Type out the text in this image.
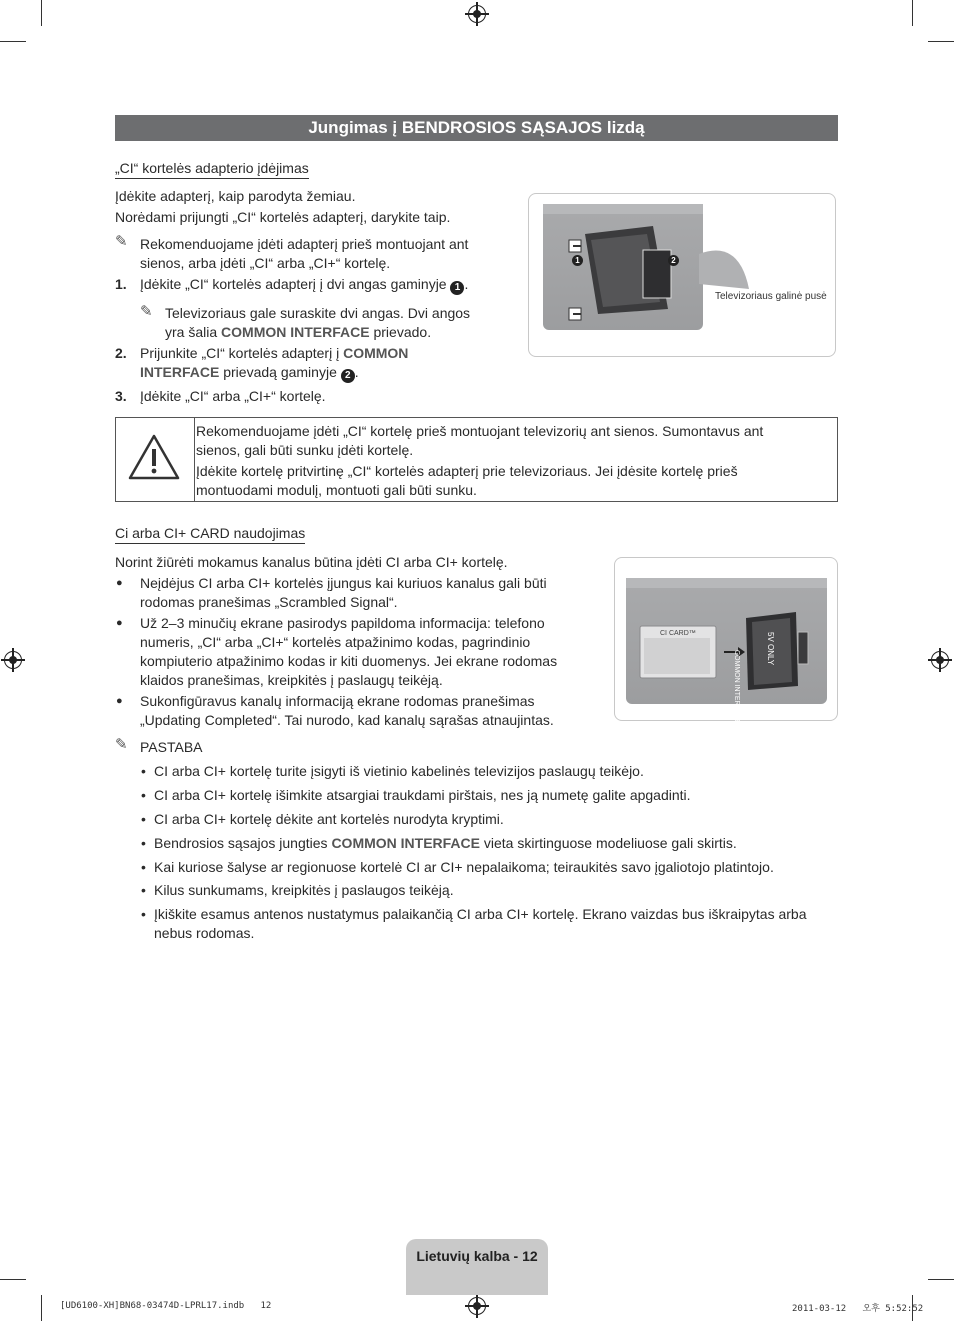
Jungimas į BENDROSIOS SĄSAJOS lizdą
„CI“ kortelės adapterio įdėjimas
Įdėkite adapterį, kaip parodyta žemiau.
Norėdami prijungti „CI“ kortelės adapterį, darykite taip.
✎ Rekomenduojame įdėti adapterį prieš montuojant ant
sienos, arba įdėti „CI“ arba „CI+“ kortelę.
1. Įdėkite „CI“ kortelės adapterį į dvi angas gaminyje 1 .
✎ Televizoriaus gale suraskite dvi angas. Dvi angos
yra šalia COMMON INTERFACE prievado.
2. Prijunkite „CI“ kortelės adapterį į COMMON
INTERFACE prievadą gaminyje 2 .
3. Įdėkite „CI“ arba „CI+“ kortelę.
1	2
Televizoriaus galinė pusė
Rekomenduojame įdėti „CI“ kortelę prieš montuojant televizorių ant sienos. Sumontavus ant
sienos, gali būti sunku įdėti kortelę.
Įdėkite kortelę pritvirtinę „CI“ kortelės adapterį prie televizoriaus. Jei įdėsite kortelę prieš
montuodami modulį, montuoti gali būti sunku.
Ci arba CI+ CARD naudojimas
Norint žiūrėti mokamus kanalus būtina įdėti CI arba CI+ kortelę.
● Neįdėjus CI arba CI+ kortelės įjungus kai kuriuos kanalus gali būti
rodomas pranešimas „Scrambled Signal“.
● Už 2–3 minučių ekrane pasirodys papildoma informacija: telefono
numeris, „CI“ arba „CI+“ kortelės atpažinimo kodas, pagrindinio
kompiuterio atpažinimo kodas ir kiti duomenys. Jei ekrane rodomas
klaidos pranešimas, kreipkitės į paslaugų teikėją.
● Sukonfigūravus kanalų informaciją ekrane rodomas pranešimas
„Updating Completed“. Tai nurodo, kad kanalų sąrašas atnaujintas.
CI CARD™
COMMON INTERFACE
5V ONLY
✎ PASTABA
• CI arba CI+ kortelę turite įsigyti iš vietinio kabelinės televizijos paslaugų teikėjo.
• CI arba CI+ kortelę išimkite atsargiai traukdami pirštais, nes ją numetę galite apgadinti.
• CI arba CI+ kortelę dėkite ant kortelės nurodyta kryptimi.
• Bendrosios sąsajos jungties COMMON INTERFACE vieta skirtinguose modeliuose gali skirtis.
• Kai kuriose šalyse ar regionuose kortelė CI ar CI+ nepalaikoma; teiraukitės savo įgaliotojo platintojo.
• Kilus sunkumams, kreipkitės į paslaugos teikėją.
• Įkiškite esamus antenos nustatymus palaikančią CI arba CI+ kortelę. Ekrano vaizdas bus iškraipytas arba
nebus rodomas.
Lietuvių kalba - 12
[UD6100-XH]BN68-03474D-LPRL17.indb   12	2011-03-12   오후 5:52:52
